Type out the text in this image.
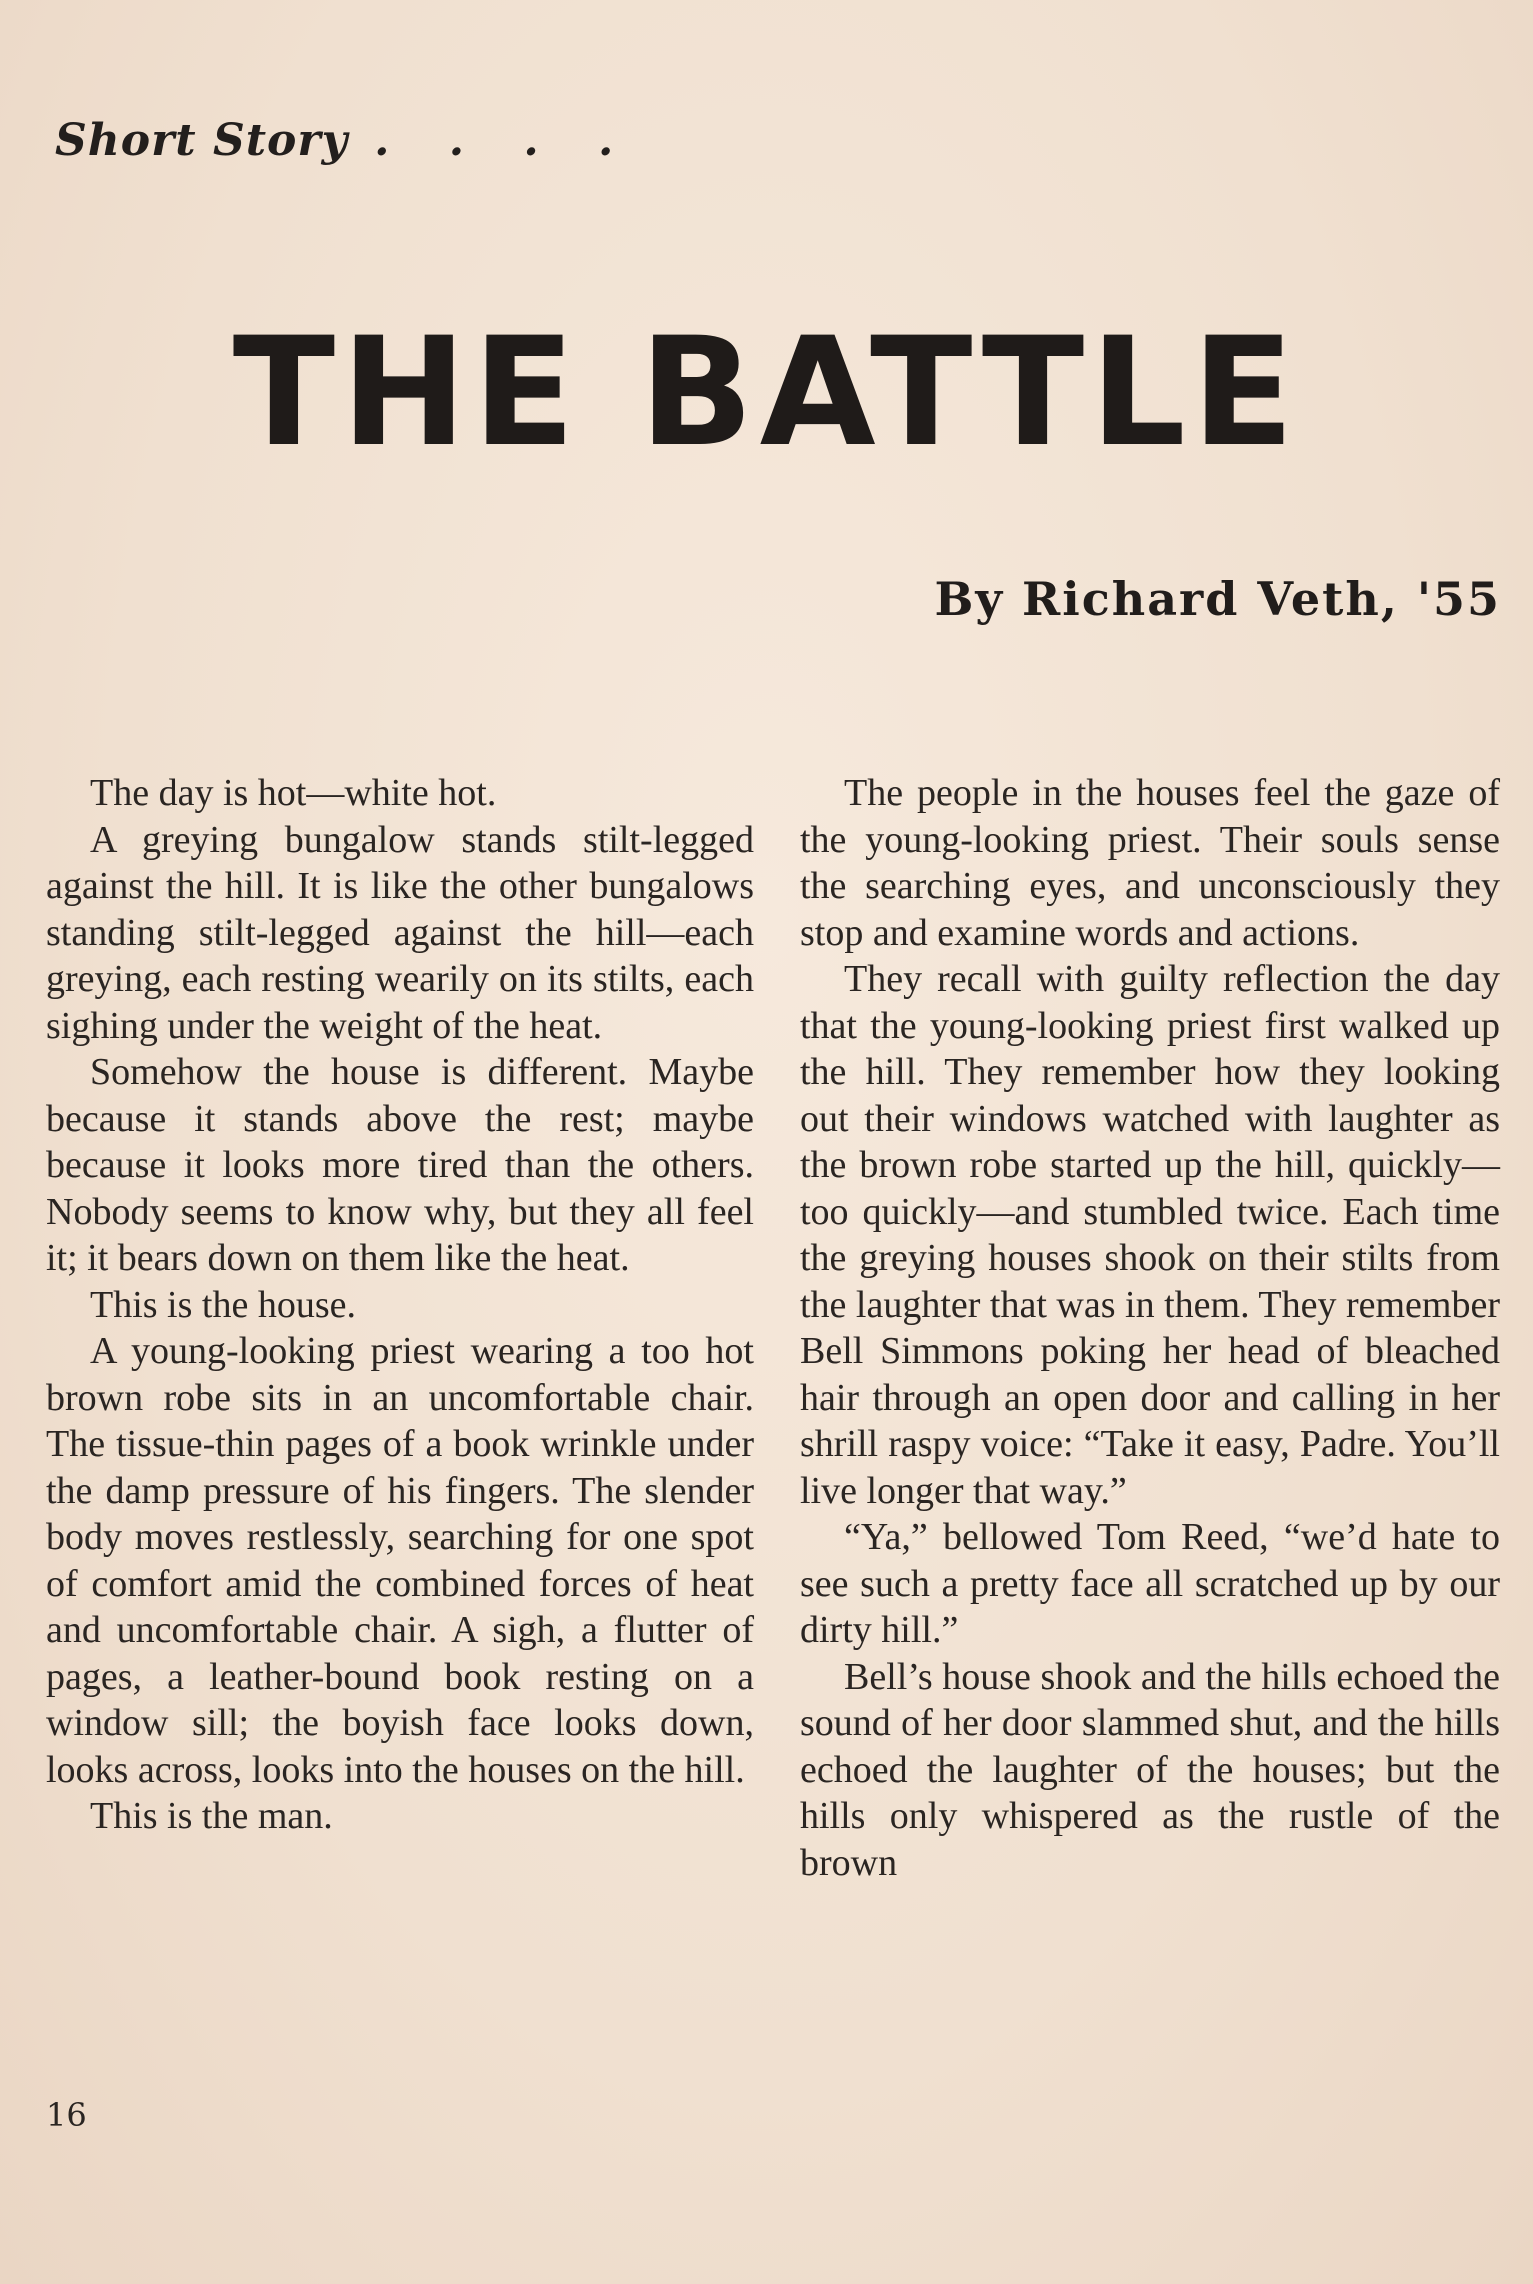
Short Story . . . .
THE BATTLE
By Richard Veth, '55

The day is hot—white hot.

A greying bungalow stands stilt-legged against the hill. It is like the other bungalows standing stilt-legged against the hill—each greying, each resting wearily on its stilts, each sighing under the weight of the heat.

Somehow the house is different. Maybe because it stands above the rest; maybe because it looks more tired than the others. Nobody seems to know why, but they all feel it; it bears down on them like the heat.

This is the house.

A young-looking priest wearing a too hot brown robe sits in an uncomfortable chair. The tissue-thin pages of a book wrinkle under the damp pressure of his fingers. The slender body moves restlessly, searching for one spot of comfort amid the combined forces of heat and uncomfortable chair. A sigh, a flutter of pages, a leather-bound book resting on a window sill; the boyish face looks down, looks across, looks into the houses on the hill.

This is the man.

The people in the houses feel the gaze of the young-looking priest. Their souls sense the searching eyes, and unconsciously they stop and examine words and actions.

They recall with guilty reflection the day that the young-looking priest first walked up the hill. They remember how they looking out their windows watched with laughter as the brown robe started up the hill, quickly—too quickly—and stumbled twice. Each time the greying houses shook on their stilts from the laughter that was in them. They remember Bell Simmons poking her head of bleached hair through an open door and calling in her shrill raspy voice: “Take it easy, Padre. You’ll live longer that way.”

“Ya,” bellowed Tom Reed, “we’d hate to see such a pretty face all scratched up by our dirty hill.”

Bell’s house shook and the hills echoed the sound of her door slammed shut, and the hills echoed the laughter of the houses; but the hills only whispered as the rustle of the brown

16
